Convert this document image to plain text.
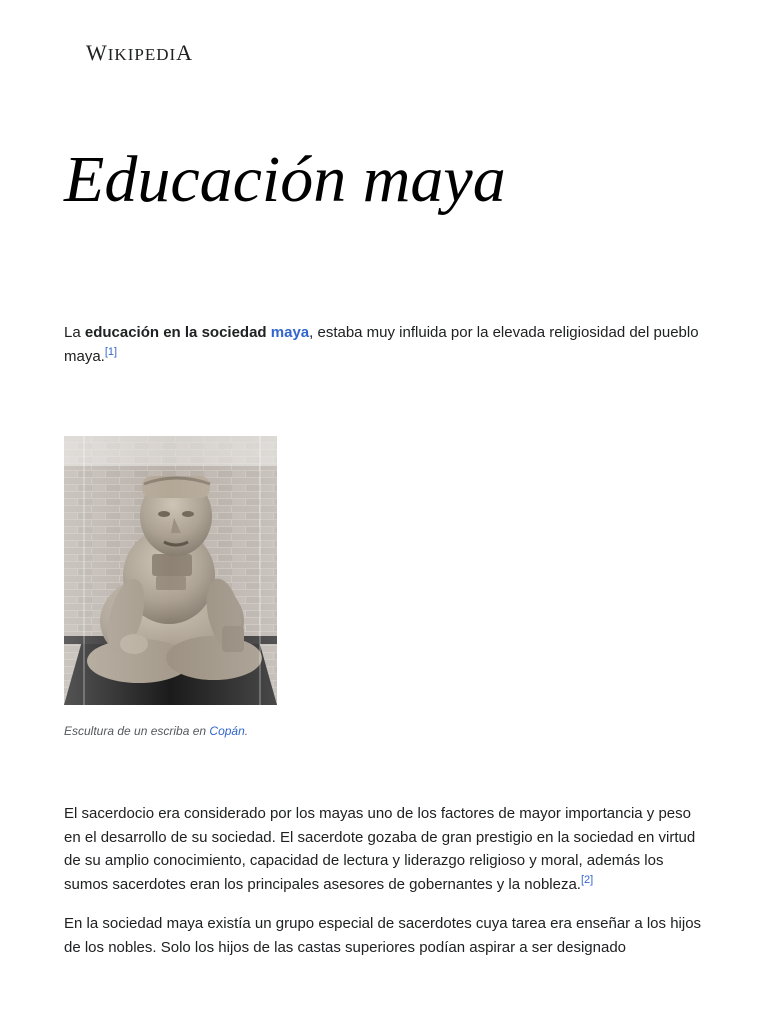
WIKIPEDIA
Educación maya

La educación en la sociedad maya, estaba muy influida por la elevada religiosidad del pueblo maya.[1]

Escultura de un escriba en Copán.

El sacerdocio era considerado por los mayas uno de los factores de mayor importancia y peso en el desarrollo de su sociedad. El sacerdote gozaba de gran prestigio en la sociedad en virtud de su amplio conocimiento, capacidad de lectura y liderazgo religioso y moral, además los sumos sacerdotes eran los principales asesores de gobernantes y la nobleza.[2]

En la sociedad maya existía un grupo especial de sacerdotes cuya tarea era enseñar a los hijos de los nobles. Solo los hijos de las castas superiores podían aspirar a ser designado
